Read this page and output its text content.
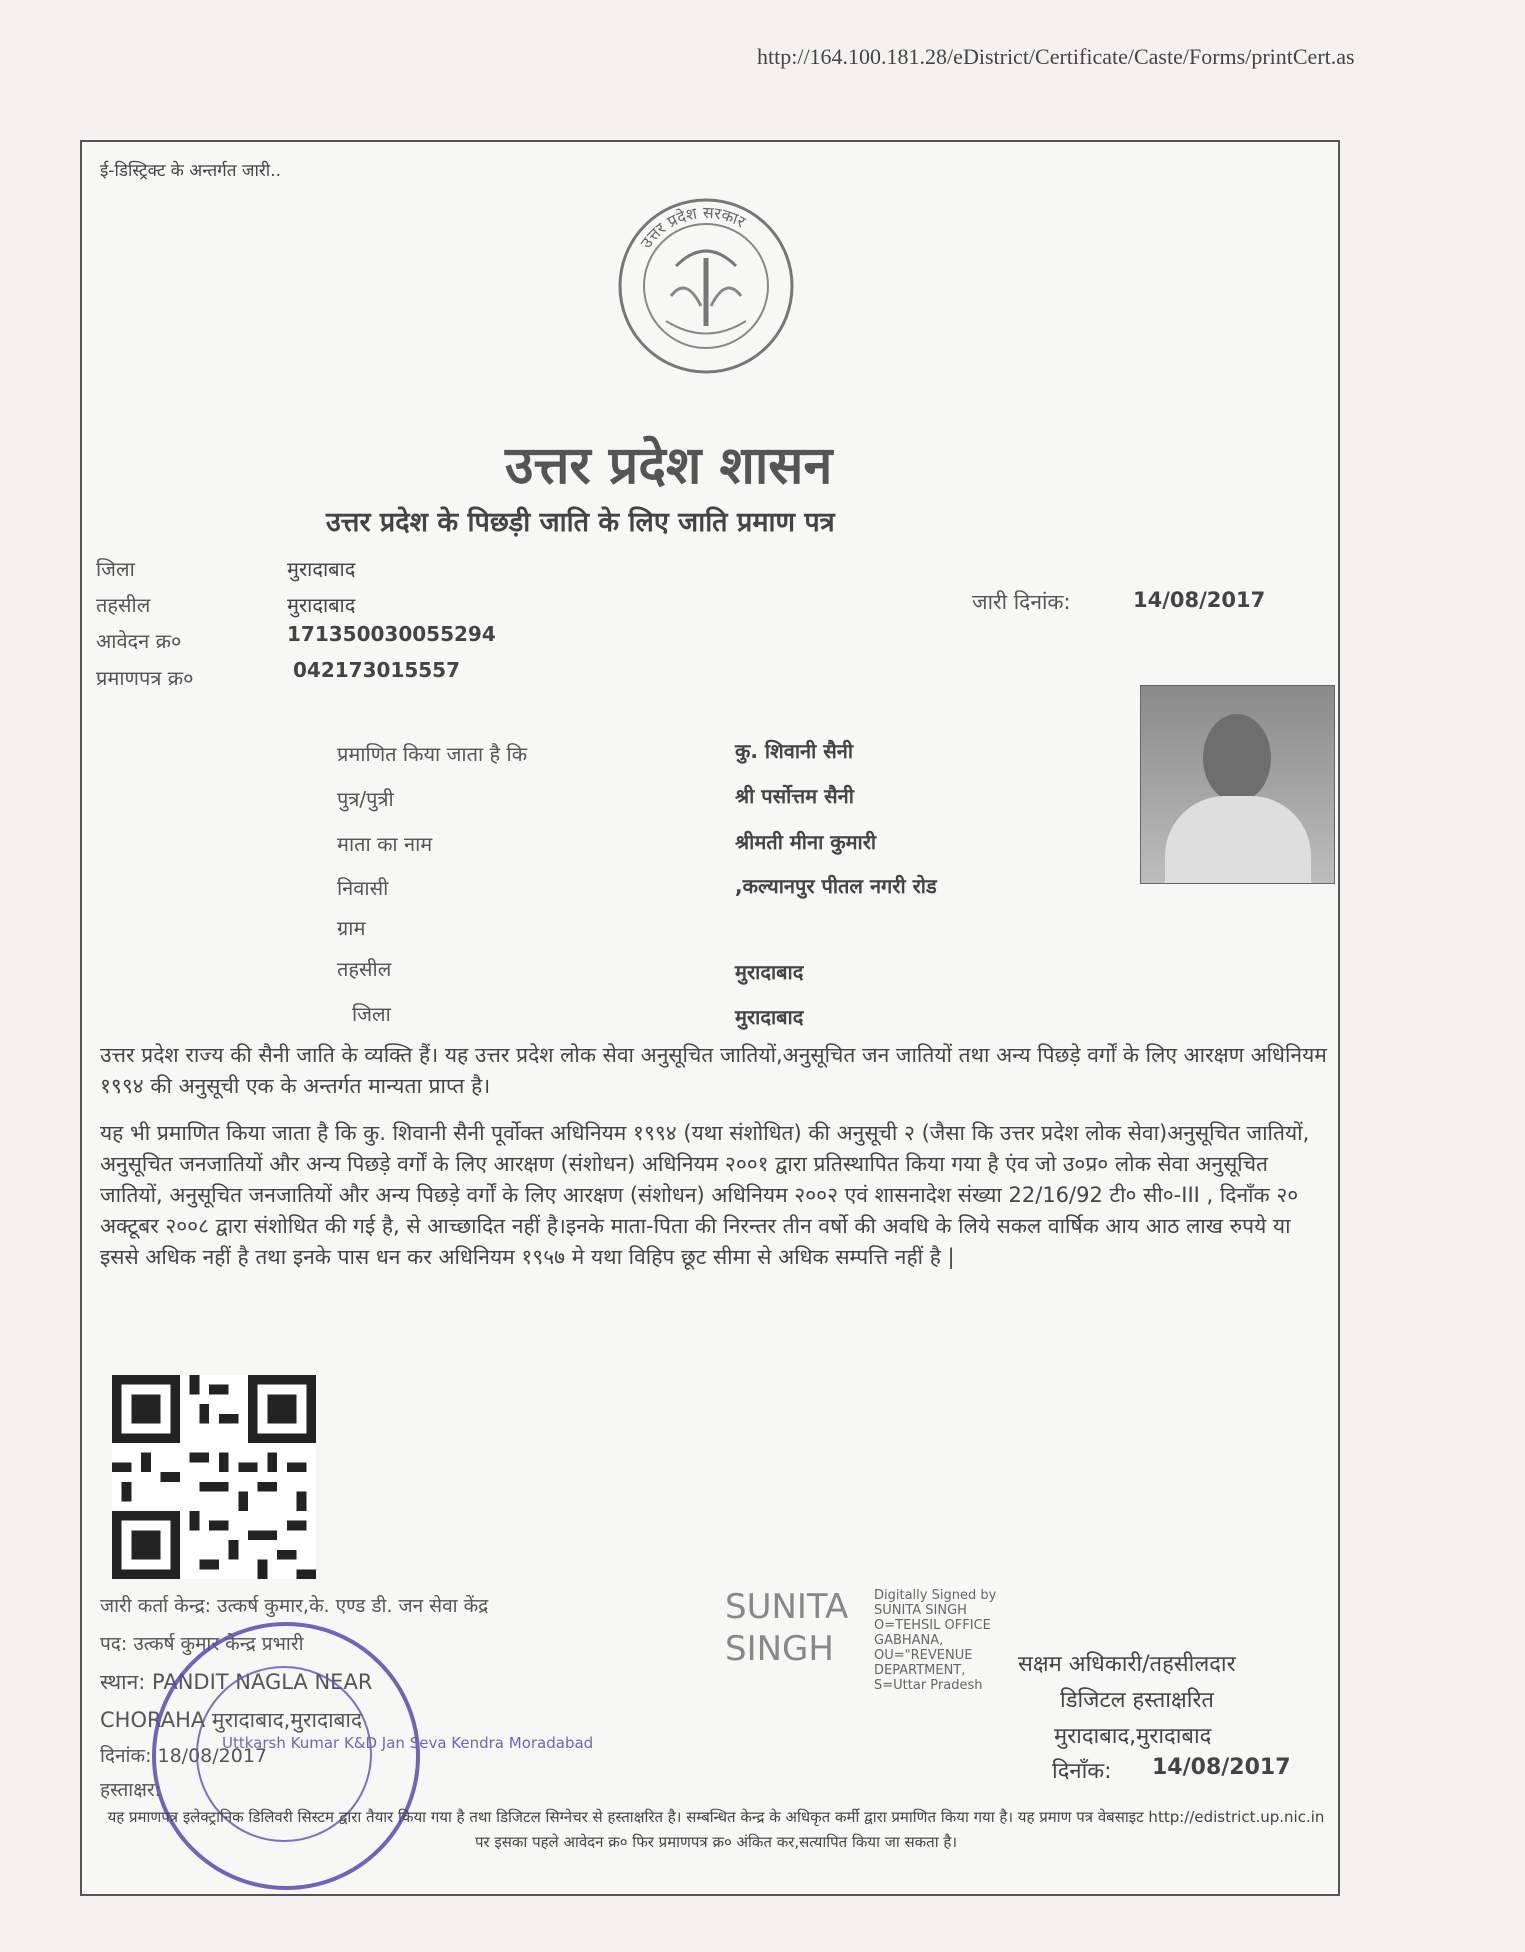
http://164.100.181.28/eDistrict/Certificate/Caste/Forms/printCert.as
ई-डिस्ट्रिक्ट के अन्तर्गत जारी..
उत्तर प्रदेश सरकार
उत्तर प्रदेश शासन
उत्तर प्रदेश के पिछड़ी जाति के लिए जाति प्रमाण पत्र
जिला	मुरादाबाद
तहसील	मुरादाबाद
आवेदन क्र०	171350030055294
प्रमाणपत्र क्र०	042173015557
जारी दिनांक:	14/08/2017
प्रमाणित किया जाता है कि	कु. शिवानी सैनी
पुत्र/पुत्री	श्री पर्सोत्तम सैनी
माता का नाम	श्रीमती मीना कुमारी
निवासी	,कल्यानपुर पीतल नगरी रोड
ग्राम
तहसील	मुरादाबाद
जिला	मुरादाबाद
उत्तर प्रदेश राज्य की सैनी जाति के व्यक्ति हैं। यह उत्तर प्रदेश लोक सेवा अनुसूचित जातियों,अनुसूचित जन जातियों तथा अन्य पिछड़े वर्गों के लिए आरक्षण अधिनियम १९९४ की अनुसूची एक के अन्तर्गत मान्यता प्राप्त है।
यह भी प्रमाणित किया जाता है कि कु. शिवानी सैनी पूर्वोक्त अधिनियम १९९४ (यथा संशोधित) की अनुसूची २ (जैसा कि उत्तर प्रदेश लोक सेवा)अनुसूचित जातियों, अनुसूचित जनजातियों और अन्य पिछड़े वर्गों के लिए आरक्षण (संशोधन) अधिनियम २००१ द्वारा प्रतिस्थापित किया गया है एंव जो उ०प्र० लोक सेवा अनुसूचित जातियों, अनुसूचित जनजातियों और अन्य पिछड़े वर्गों के लिए आरक्षण (संशोधन) अधिनियम २००२ एवं शासनादेश संख्या 22/16/92 टी० सी०-III , दिनाँक २० अक्टूबर २००८ द्वारा संशोधित की गई है, से आच्छादित नहीं है।इनके माता-पिता की निरन्तर तीन वर्षो की अवधि के लिये सकल वार्षिक आय आठ लाख रुपये या इससे अधिक नहीं है तथा इनके पास धन कर अधिनियम १९५७ मे यथा विहिप छूट सीमा से अधिक सम्पत्ति नहीं है |
जारी कर्ता केन्द्र: उत्कर्ष कुमार,के. एण्ड डी. जन सेवा केंद्र
पद: उत्कर्ष कुमार केन्द्र प्रभारी
स्थान: PANDIT NAGLA NEAR
CHORAHA मुरादाबाद,मुरादाबाद
दिनांक: 18/08/2017
हस्ताक्षर:
Uttkarsh Kumar K&D Jan Seva Kendra Moradabad
SUNITA SINGH
Digitally Signed by SUNITA SINGH O=TEHSIL OFFICE GABHANA, OU="REVENUE DEPARTMENT, S=Uttar Pradesh
सक्षम अधिकारी/तहसीलदार
डिजिटल हस्ताक्षरित
मुरादाबाद,मुरादाबाद
दिनाँक: 14/08/2017
यह प्रमाणपत्र इलेक्ट्रानिक डिलिवरी सिस्टम द्वारा तैयार किया गया है तथा डिजिटल सिग्नेचर से हस्ताक्षरित है। सम्बन्धित केन्द्र के अधिकृत कर्मी द्वारा प्रमाणित किया गया है। यह प्रमाण पत्र वेबसाइट http://edistrict.up.nic.in पर इसका पहले आवेदन क्र० फिर प्रमाणपत्र क्र० अंकित कर,सत्यापित किया जा सकता है।
